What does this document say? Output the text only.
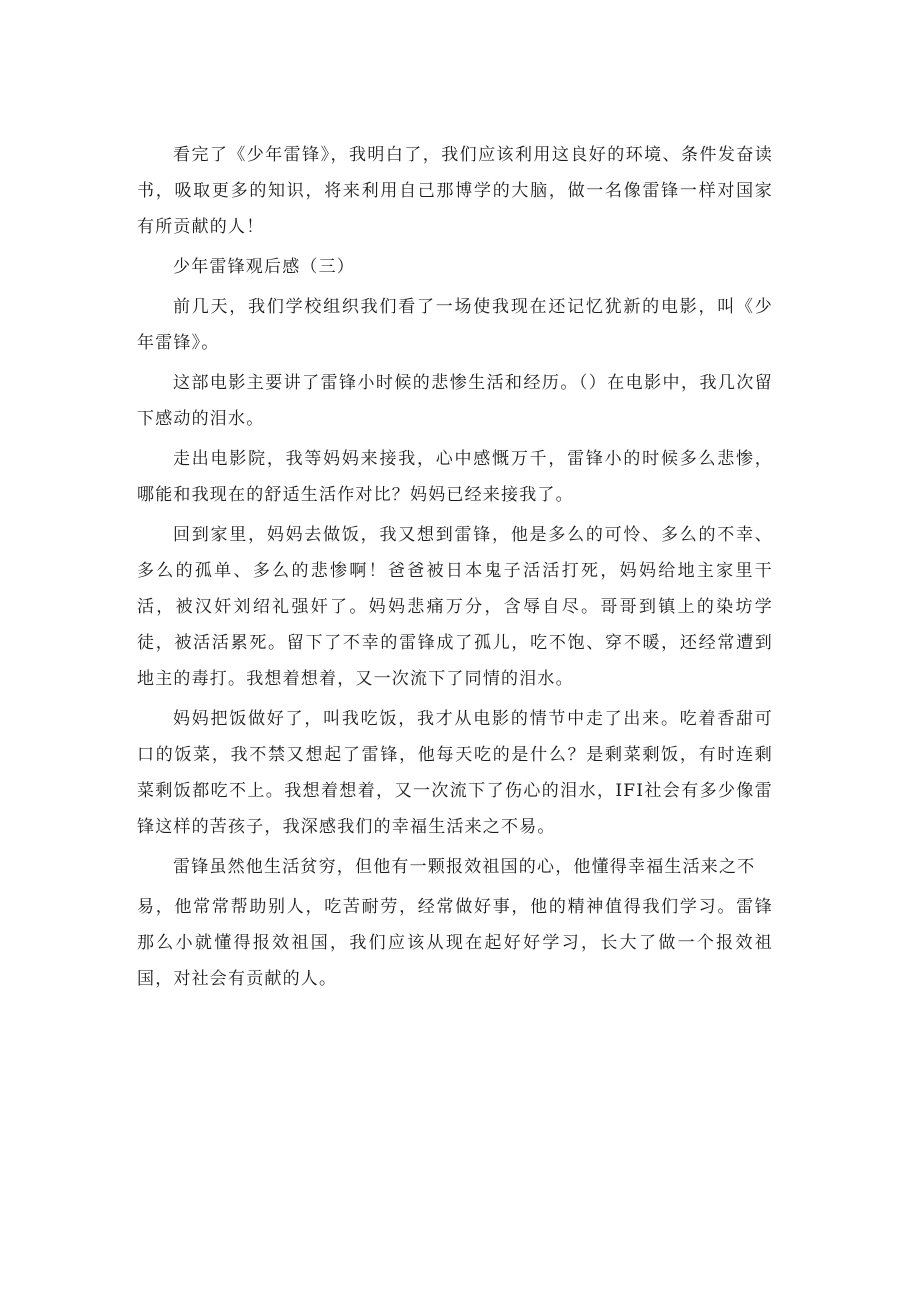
看完了《少年雷锋》，我明白了，我们应该利用这良好的环境、条件发奋读书，吸取更多的知识，将来利用自己那博学的大脑，做一名像雷锋一样对国家有所贡献的人！

少年雷锋观后感（三）

前几天，我们学校组织我们看了一场使我现在还记忆犹新的电影，叫《少年雷锋》。

这部电影主要讲了雷锋小时候的悲惨生活和经历。（）在电影中，我几次留下感动的泪水。

走出电影院，我等妈妈来接我，心中感慨万千，雷锋小的时候多么悲惨，哪能和我现在的舒适生活作对比？妈妈已经来接我了。

回到家里，妈妈去做饭，我又想到雷锋，他是多么的可怜、多么的不幸、多么的孤单、多么的悲惨啊！爸爸被日本鬼子活活打死，妈妈给地主家里干活，被汉奸刘绍礼强奸了。妈妈悲痛万分，含辱自尽。哥哥到镇上的染坊学徒，被活活累死。留下了不幸的雷锋成了孤儿，吃不饱、穿不暖，还经常遭到地主的毒打。我想着想着，又一次流下了同情的泪水。

妈妈把饭做好了，叫我吃饭，我才从电影的情节中走了出来。吃着香甜可口的饭菜，我不禁又想起了雷锋，他每天吃的是什么？是剩菜剩饭，有时连剩菜剩饭都吃不上。我想着想着，又一次流下了伤心的泪水，IFI社会有多少像雷锋这样的苦孩子，我深感我们的幸福生活来之不易。

雷锋虽然他生活贫穷，但他有一颗报效祖国的心，他懂得幸福生活来之不

易，他常常帮助别人，吃苦耐劳，经常做好事，他的精神值得我们学习。雷锋那么小就懂得报效祖国，我们应该从现在起好好学习，长大了做一个报效祖国，对社会有贡献的人。
